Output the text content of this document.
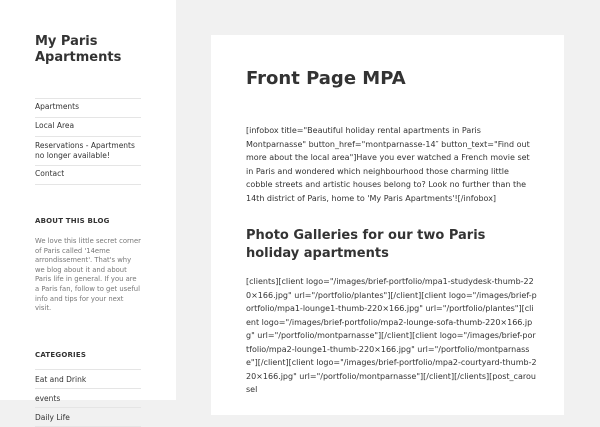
My Paris Apartments
Apartments
Local Area
Reservations - Apartments no longer available!
Contact
ABOUT THIS BLOG
We love this little secret corner of Paris called '14eme arrondissement'. That's why we blog about it and about Paris life in general. If you are a Paris fan, follow to get useful info and tips for your next visit.
CATEGORIES
Eat and Drink
events
Daily Life
Front Page MPA

[infobox title="Beautiful holiday rental apartments in Paris Montparnasse" button_href="montparnasse-14″ button_text="Find out more about the local area"]Have you ever watched a French movie set in Paris and wondered which neighbourhood those charming little cobble streets and artistic houses belong to? Look no further than the 14th district of Paris, home to 'My Paris Apartments'![/infobox]

Photo Galleries for our two Paris holiday apartments

[clients][client logo="/images/brief-portfolio/mpa1-studydesk-thumb-220×166.jpg" url="/portfolio/plantes"][/client][client logo="/images/brief-portfolio/mpa1-lounge1-thumb-220×166.jpg" url="/portfolio/plantes"][client logo="/images/brief-portfolio/mpa2-lounge-sofa-thumb-220×166.jpg" url="/portfolio/montparnasse"][/client][client logo="/images/brief-portfolio/mpa2-lounge1-thumb-220×166.jpg" url="/portfolio/montparnasse"][/client][client logo="/images/brief-portfolio/mpa2-courtyard-thumb-220×166.jpg" url="/portfolio/montparnasse"][/client][/clients][post_carousel
